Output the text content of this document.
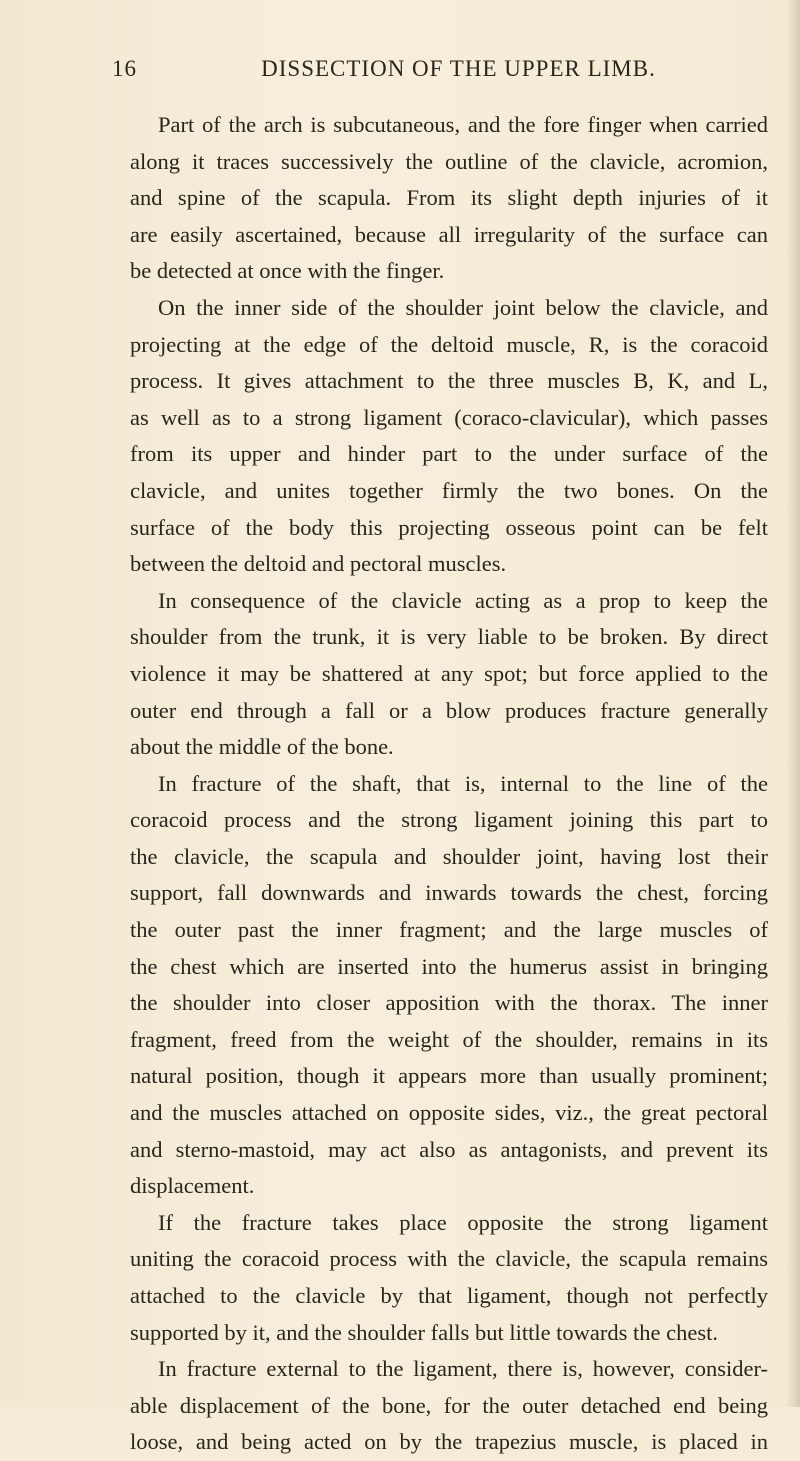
16	DISSECTION OF THE UPPER LIMB.
Part of the arch is subcutaneous, and the fore finger when carried
along it traces successively the outline of the clavicle, acromion,
and spine of the scapula. From its slight depth injuries of it
are easily ascertained, because all irregularity of the surface can
be detected at once with the finger.
On the inner side of the shoulder joint below the clavicle, and
projecting at the edge of the deltoid muscle, R, is the coracoid
process. It gives attachment to the three muscles B, K, and L,
as well as to a strong ligament (coraco-clavicular), which passes
from its upper and hinder part to the under surface of the
clavicle, and unites together firmly the two bones. On the
surface of the body this projecting osseous point can be felt
between the deltoid and pectoral muscles.
In consequence of the clavicle acting as a prop to keep the
shoulder from the trunk, it is very liable to be broken. By direct
violence it may be shattered at any spot; but force applied to the
outer end through a fall or a blow produces fracture generally
about the middle of the bone.
In fracture of the shaft, that is, internal to the line of the
coracoid process and the strong ligament joining this part to
the clavicle, the scapula and shoulder joint, having lost their
support, fall downwards and inwards towards the chest, forcing
the outer past the inner fragment; and the large muscles of
the chest which are inserted into the humerus assist in bringing
the shoulder into closer apposition with the thorax. The inner
fragment, freed from the weight of the shoulder, remains in its
natural position, though it appears more than usually prominent;
and the muscles attached on opposite sides, viz., the great pectoral
and sterno-mastoid, may act also as antagonists, and prevent its
displacement.
If the fracture takes place opposite the strong ligament
uniting the coracoid process with the clavicle, the scapula remains
attached to the clavicle by that ligament, though not perfectly
supported by it, and the shoulder falls but little towards the chest.
In fracture external to the ligament, there is, however, consider-
able displacement of the bone, for the outer detached end being
loose, and being acted on by the trapezius muscle, is placed in
